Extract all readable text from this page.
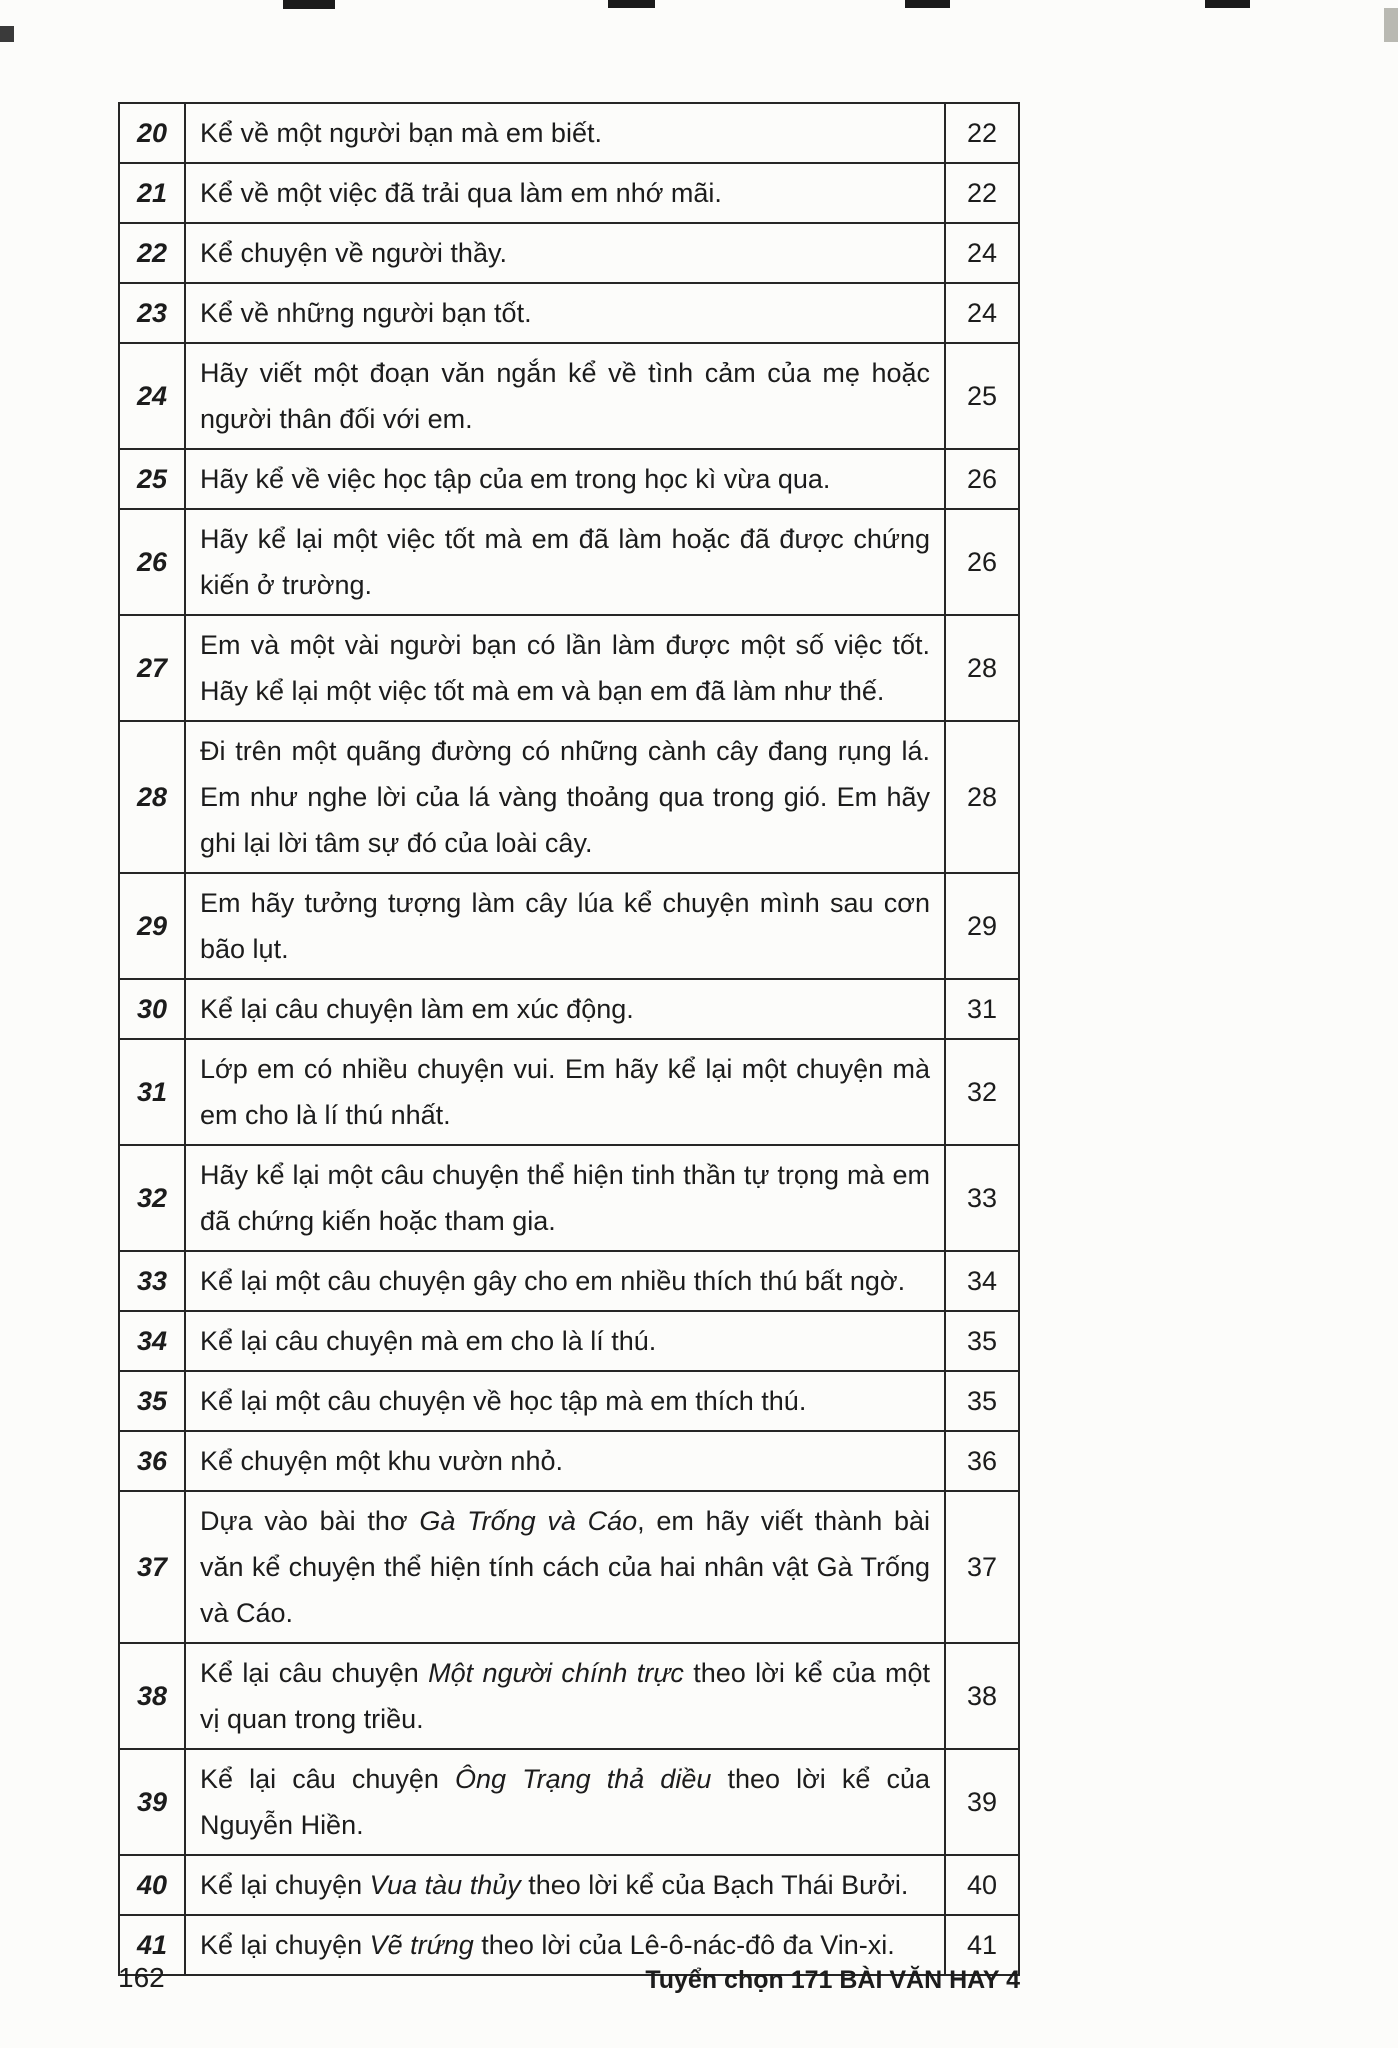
20	Kể về một người bạn mà em biết.	22
21	Kể về một việc đã trải qua làm em nhớ mãi.	22
22	Kể chuyện về người thầy.	24
23	Kể về những người bạn tốt.	24
24	Hãy viết một đoạn văn ngắn kể về tình cảm của mẹ hoặc người thân đối với em.	25
25	Hãy kể về việc học tập của em trong học kì vừa qua.	26
26	Hãy kể lại một việc tốt mà em đã làm hoặc đã được chứng kiến ở trường.	26
27	Em và một vài người bạn có lần làm được một số việc tốt. Hãy kể lại một việc tốt mà em và bạn em đã làm như thế.	28
28	Đi trên một quãng đường có những cành cây đang rụng lá. Em như nghe lời của lá vàng thoảng qua trong gió. Em hãy ghi lại lời tâm sự đó của loài cây.	28
29	Em hãy tưởng tượng làm cây lúa kể chuyện mình sau cơn bão lụt.	29
30	Kể lại câu chuyện làm em xúc động.	31
31	Lớp em có nhiều chuyện vui. Em hãy kể lại một chuyện mà em cho là lí thú nhất.	32
32	Hãy kể lại một câu chuyện thể hiện tinh thần tự trọng mà em đã chứng kiến hoặc tham gia.	33
33	Kể lại một câu chuyện gây cho em nhiều thích thú bất ngờ.	34
34	Kể lại câu chuyện mà em cho là lí thú.	35
35	Kể lại một câu chuyện về học tập mà em thích thú.	35
36	Kể chuyện một khu vườn nhỏ.	36
37	Dựa vào bài thơ Gà Trống và Cáo, em hãy viết thành bài văn kể chuyện thể hiện tính cách của hai nhân vật Gà Trống và Cáo.	37
38	Kể lại câu chuyện Một người chính trực theo lời kể của một vị quan trong triều.	38
39	Kể lại câu chuyện Ông Trạng thả diều theo lời kể của Nguyễn Hiền.	39
40	Kể lại chuyện Vua tàu thủy theo lời kể của Bạch Thái Bưởi.	40
41	Kể lại chuyện Vẽ trứng theo lời của Lê-ô-nác-đô đa Vin-xi.	41
162	Tuyển chọn 171 BÀI VĂN HAY 4
